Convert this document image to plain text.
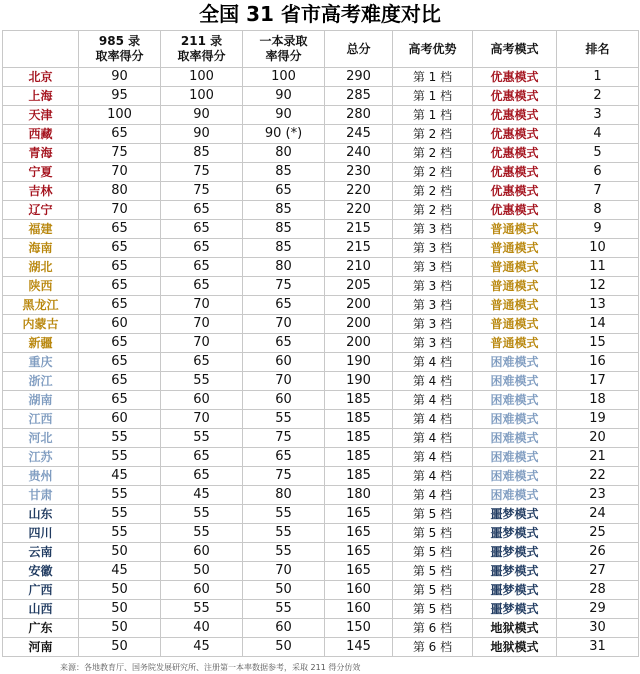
全国 31 省市高考难度对比
	985 录取率得分	211 录取率得分	一本录取率得分	总分	高考优势	高考模式	排名
北京	90	100	100	290	第 1 档	优惠模式	1
上海	95	100	90	285	第 1 档	优惠模式	2
天津	100	90	90	280	第 1 档	优惠模式	3
西藏	65	90	90 (*)	245	第 2 档	优惠模式	4
青海	75	85	80	240	第 2 档	优惠模式	5
宁夏	70	75	85	230	第 2 档	优惠模式	6
吉林	80	75	65	220	第 2 档	优惠模式	7
辽宁	70	65	85	220	第 2 档	优惠模式	8
福建	65	65	85	215	第 3 档	普通模式	9
海南	65	65	85	215	第 3 档	普通模式	10
湖北	65	65	80	210	第 3 档	普通模式	11
陕西	65	65	75	205	第 3 档	普通模式	12
黑龙江	65	70	65	200	第 3 档	普通模式	13
内蒙古	60	70	70	200	第 3 档	普通模式	14
新疆	65	70	65	200	第 3 档	普通模式	15
重庆	65	65	60	190	第 4 档	困难模式	16
浙江	65	55	70	190	第 4 档	困难模式	17
湖南	65	60	60	185	第 4 档	困难模式	18
江西	60	70	55	185	第 4 档	困难模式	19
河北	55	55	75	185	第 4 档	困难模式	20
江苏	55	65	65	185	第 4 档	困难模式	21
贵州	45	65	75	185	第 4 档	困难模式	22
甘肃	55	45	80	180	第 4 档	困难模式	23
山东	55	55	55	165	第 5 档	噩梦模式	24
四川	55	55	55	165	第 5 档	噩梦模式	25
云南	50	60	55	165	第 5 档	噩梦模式	26
安徽	45	50	70	165	第 5 档	噩梦模式	27
广西	50	60	50	160	第 5 档	噩梦模式	28
山西	50	55	55	160	第 5 档	噩梦模式	29
广东	50	40	60	150	第 6 档	地狱模式	30
河南	50	45	50	145	第 6 档	地狱模式	31
来源：各地教育厅、国务院发展研究所、注册第一本率数据参考，采取 211 得分仿效
